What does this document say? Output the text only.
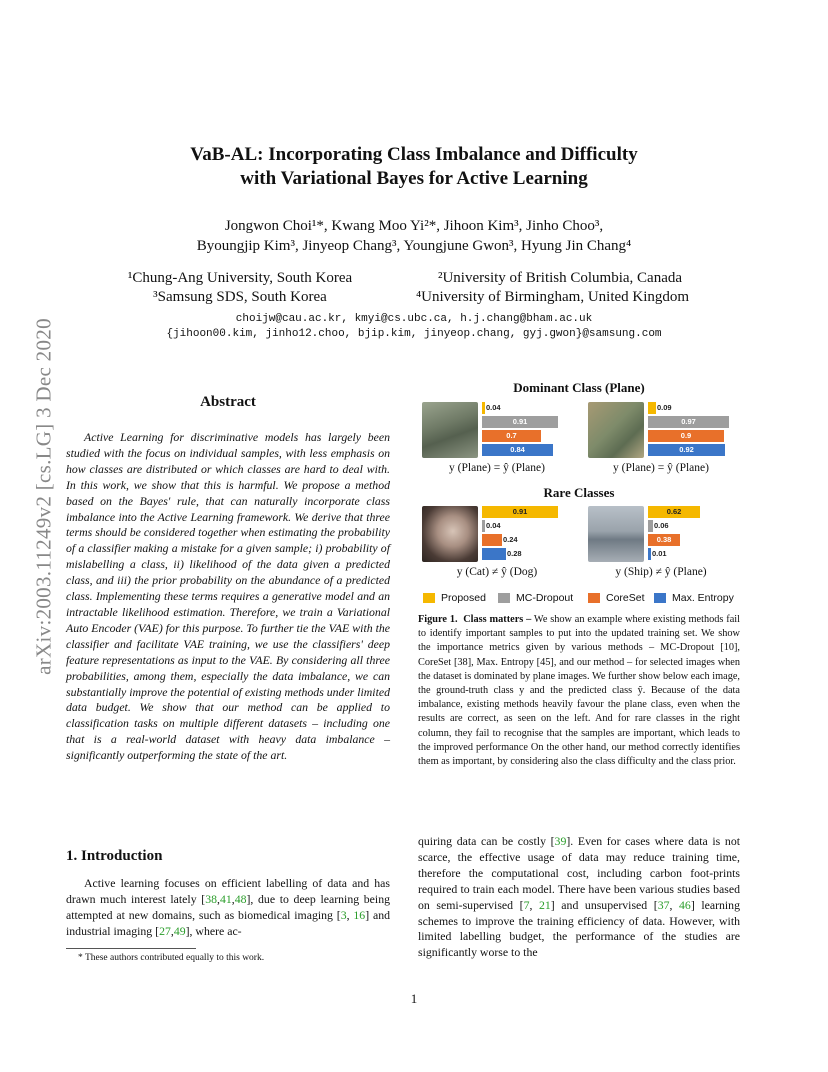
arXiv:2003.11249v2 [cs.LG] 3 Dec 2020
VaB-AL: Incorporating Class Imbalance and Difficulty
with Variational Bayes for Active Learning
Jongwon Choi¹*, Kwang Moo Yi²*, Jihoon Kim³, Jinho Choo³,
Byoungjip Kim³, Jinyeop Chang³, Youngjune Gwon³, Hyung Jin Chang⁴
¹Chung-Ang University, South Korea	²University of British Columbia, Canada
³Samsung SDS, South Korea	⁴University of Birmingham, United Kingdom
choijw@cau.ac.kr, kmyi@cs.ubc.ca, h.j.chang@bham.ac.uk
{jihoon00.kim, jinho12.choo, bjip.kim, jinyeop.chang, gyj.gwon}@samsung.com
Abstract
Active Learning for discriminative models has largely been studied with the focus on individual samples, with less emphasis on how classes are distributed or which classes are hard to deal with. In this work, we show that this is harmful. We propose a method based on the Bayes' rule, that can naturally incorporate class imbalance into the Active Learning framework. We derive that three terms should be considered together when estimating the probability of a classifier making a mistake for a given sample; i) probability of mislabelling a class, ii) likelihood of the data given a predicted class, and iii) the prior probability on the abundance of a predicted class. Implementing these terms requires a generative model and an intractable likelihood estimation. Therefore, we train a Variational Auto Encoder (VAE) for this purpose. To further tie the VAE with the classifier and facilitate VAE training, we use the classifiers' deep feature representations as input to the VAE. By considering all three probabilities, among them, especially the data imbalance, we can substantially improve the potential of existing methods under limited data budget. We show that our method can be applied to classification tasks on multiple different datasets – including one that is a real-world dataset with heavy data imbalance – significantly outperforming the state of the art.
1. Introduction
Active learning focuses on efficient labelling of data and has drawn much interest lately [38,41,48], due to deep learning being attempted at new domains, such as biomedical imaging [3, 16] and industrial imaging [27,49], where ac-
* These authors contributed equally to this work.
quiring data can be costly [39]. Even for cases where data is not scarce, the effective usage of data may reduce training time, therefore the computational cost, including carbon foot-prints required to train each model. There have been various studies based on semi-supervised [7, 21] and unsupervised [37, 46] learning schemes to improve the training efficiency of data. However, with limited labelling budget, the performance of the studies are significantly worse to the
1
Dominant Class (Plane)
Rare Classes
0.04
0.91
0.7
0.84
0.09
0.97
0.9
0.92
0.91
0.04
0.24
0.28
0.62
0.06
0.38
0.01
y (Plane) = ŷ (Plane)	y (Plane) = ŷ (Plane)
y (Cat) ≠ ŷ (Dog)	y (Ship) ≠ ŷ (Plane)
Proposed	MC-Dropout	CoreSet	Max. Entropy
Figure 1. Class matters – We show an example where existing methods fail to identify important samples to put into the updated training set. We show the importance metrics given by various methods – MC-Dropout [10], CoreSet [38], Max. Entropy [45], and our method – for selected images when the dataset is dominated by plane images. We further show below each image, the ground-truth class y and the predicted class ŷ. Because of the data imbalance, existing methods heavily favour the plane class, even when the results are correct, as seen on the left. And for rare classes in the right column, they fail to recognise that the samples are important, which leads to the improved performance On the other hand, our method correctly identifies them as important, by considering also the class difficulty and the class prior.
